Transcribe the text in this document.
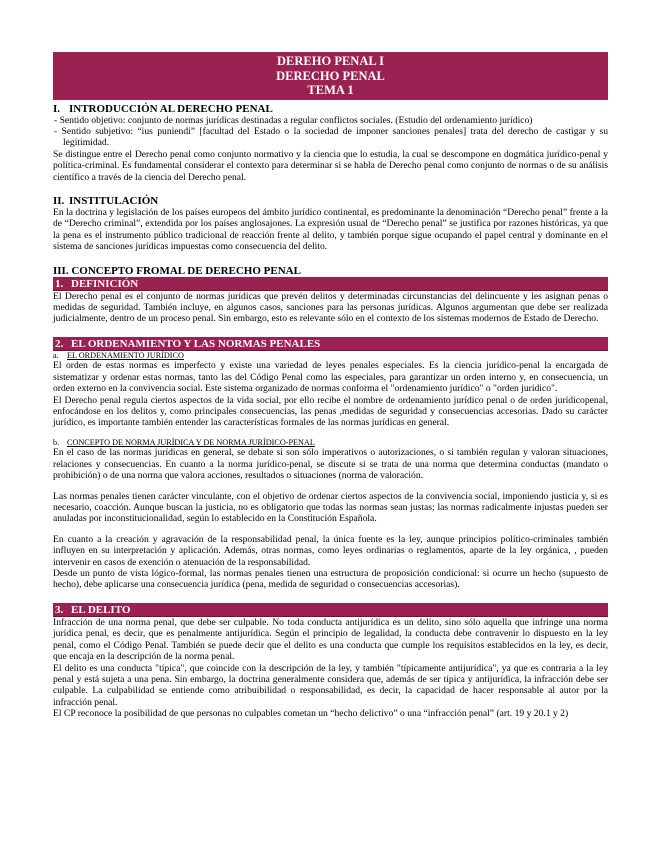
DEREHO PENAL I
DERECHO PENAL
TEMA 1
I. INTRODUCCIÓN AL DERECHO PENAL
- Sentido objetivo: conjunto de normas jurídicas destinadas a regular conflictos sociales. (Estudio del ordenamiento jurídico)
- Sentido subjetivo: “ius puniendi” [facultad del Estado o la sociedad de imponer sanciones penales] trata del derecho de castigar y su legitimidad.

Se distingue entre el Derecho penal como conjunto normativo y la ciencia que lo estudia, la cual se descompone en dogmática jurídico-penal y política-criminal. Es fundamental considerar el contexto para determinar si se habla de Derecho penal como conjunto de normas o de su análisis científico a través de la ciencia del Derecho penal.

II. INSTITULACIÓN

En la doctrina y legislación de los países europeos del ámbito jurídico continental, es predominante la denominación “Derecho penal” frente a la de “Derecho criminal”, extendida por los países anglosajones. La expresión usual de “Derecho penal” se justifica por razones históricas, ya que la pena es el instrumento público tradicional de reacción frente al delito, y también porque sigue ocupando el papel central y dominante en el sistema de sanciones jurídicas impuestas como consecuencia del delito.

III. CONCEPTO FROMAL DE DERECHO PENAL
1. DEFINICIÓN

El Derecho penal es el conjunto de normas jurídicas que prevén delitos y determinadas circunstancias del delincuente y les asignan penas o medidas de seguridad. También incluye, en algunos casos, sanciones para las personas jurídicas. Algunos argumentan que debe ser realizada judicialmente, dentro de un proceso penal. Sin embargo, esto es relevante sólo en el contexto de los sistemas modernos de Estado de Derecho.

2. EL ORDENAMIENTO Y LAS NORMAS PENALES
a. EL ORDENAMIENTO JURÍDICO

El orden de estas normas es imperfecto y existe una variedad de leyes penales especiales. Es la ciencia jurídico-penal la encargada de sistematizar y ordenar estas normas, tanto las del Código Penal como las especiales, para garantizar un orden interno y, en consecuencia, un orden externo en la convivencia social. Este sistema organizado de normas conforma el "ordenamiento jurídico" o "orden jurídico".

El Derecho penal regula ciertos aspectos de la vida social, por ello recibe el nombre de ordenamiento jurídico penal o de orden jurídicopenal, enfocándose en los delitos y, como principales consecuencias, las penas ,medidas de seguridad y consecuencias accesorias. Dado su carácter jurídico, es importante también entender las características formales de las normas jurídicas en general.

b. CONCEPTO DE NORMA JURÍDICA Y DE NORMA JURÍDICO-PENAL

En el caso de las normas jurídicas en general, se debate si son sólo imperativos o autorizaciones, o si también regulan y valoran situaciones, relaciones y consecuencias. En cuanto a la norma jurídico-penal, se discute si se trata de una norma que determina conductas (mandato o prohibición) o de una norma que valora acciones, resultados o situaciones (norma de valoración.

Las normas penales tienen carácter vinculante, con el objetivo de ordenar ciertos aspectos de la convivencia social, imponiendo justicia y, si es necesario, coacción. Aunque buscan la justicia, no es obligatorio que todas las normas sean justas; las normas radicalmente injustas pueden ser anuladas por inconstitucionalidad, según lo establecido en la Constitución Española.

En cuanto a la creación y agravación de la responsabilidad penal, la única fuente es la ley, aunque principios político-criminales también influyen en su interpretación y aplicación. Además, otras normas, como leyes ordinarias o reglamentos, aparte de la ley orgánica, , pueden intervenir en casos de exención o atenuación de la responsabilidad.

Desde un punto de vista lógico-formal, las normas penales tienen una estructura de proposición condicional: si ocurre un hecho (supuesto de hecho), debe aplicarse una consecuencia jurídica (pena, medida de seguridad o consecuencias accesorias).

3. EL DELITO

Infracción de una norma penal, que debe ser culpable. No toda conducta antijurídica es un delito, sino sólo aquella que infringe una norma jurídica penal, es decir, que es penalmente antijurídica. Según el principio de legalidad, la conducta debe contravenir lo dispuesto en la ley penal, como el Código Penal. También se puede decir que el delito es una conducta que cumple los requisitos establecidos en la ley, es decir, que encaja en la descripción de la norma penal.

El delito es una conducta "típica", que coincide con la descripción de la ley, y también "típicamente antijurídica", ya que es contraria a la ley penal y está sujeta a una pena. Sin embargo, la doctrina generalmente considera que, además de ser típica y antijurídica, la infracción debe ser culpable. La culpabilidad se entiende como atribuibilidad o responsabilidad, es decir, la capacidad de hacer responsable al autor por la infracción penal.

El CP reconoce la posibilidad de que personas no culpables cometan un “hecho delictivo” o una “infracción penal” (art. 19 y 20.1 y 2)
